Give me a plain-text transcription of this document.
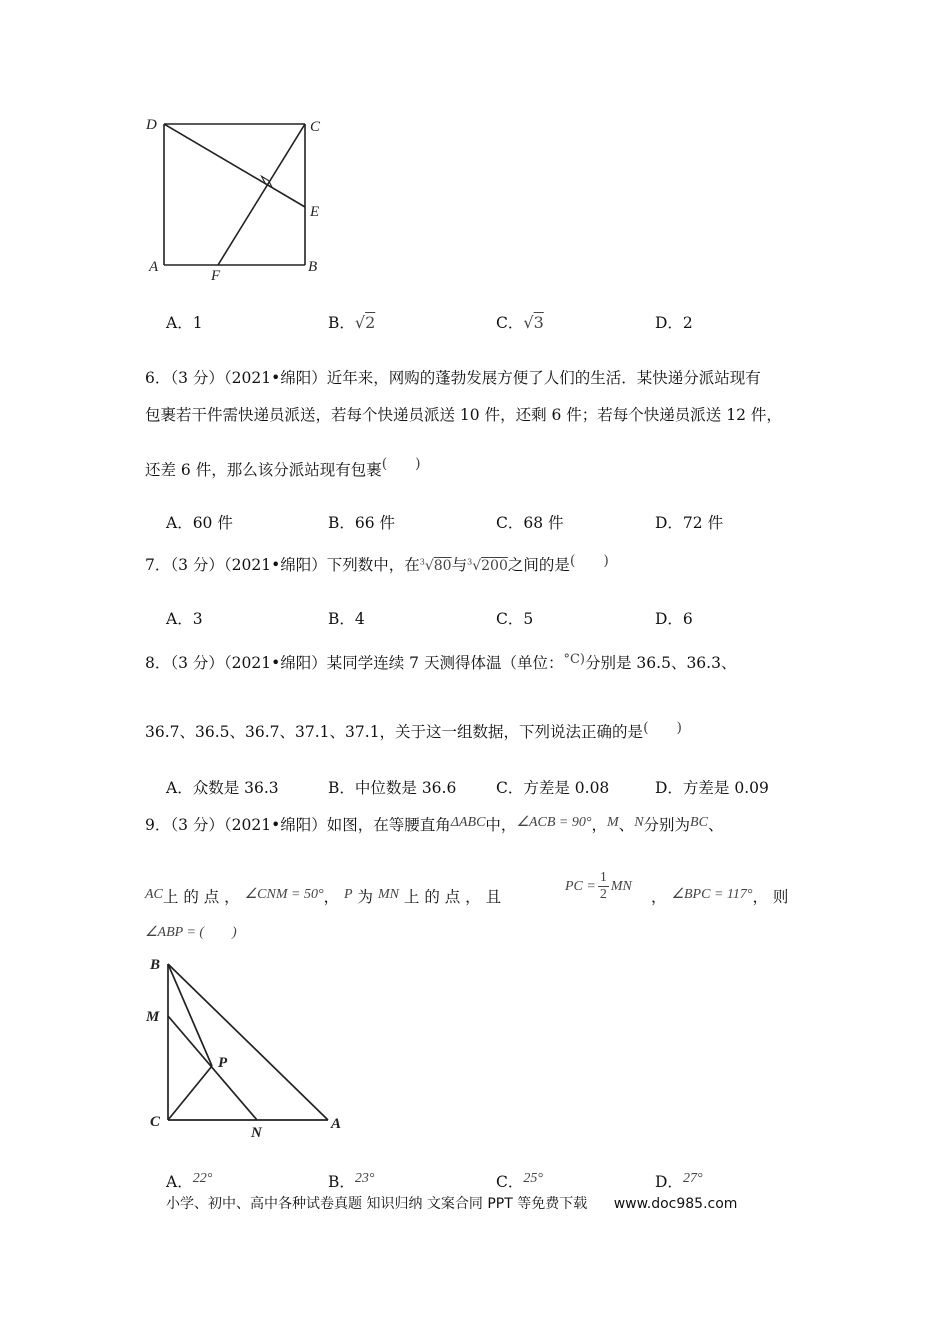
D	C
E
A
F
B
A．1	B．√2	C．√3	D．2
6．（3 分）（2021•绵阳）近年来，网购的蓬勃发展方便了人们的生活．某快递分派站现有
包裹若干件需快递员派送，若每个快递员派送 10 件，还剩 6 件；若每个快递员派送 12 件，
还差 6 件，那么该分派站现有包裹(　　)
A．60 件	B．66 件	C．68 件	D．72 件
7．（3 分）（2021•绵阳）下列数中，在$^3$√80与$^3$√200之间的是(　　)
A．3	B．4	C．5	D．6
8．（3 分）（2021•绵阳）某同学连续 7 天测得体温（单位：$^{^\circ C)}$分别是 36.5、36.3、
36.7、36.5、36.7、37.1、37.1，关于这一组数据，下列说法正确的是(　　)
A．众数是 36.3	B．中位数是 36.6	C．方差是 0.08	D．方差是 0.09
9．（3 分）（2021•绵阳）如图，在等腰直角ΔABC中，∠ACB = 90°，M、N分别为BC、
AC上 的 点 ， ∠CNM = 50°， P 为 MN 上 的 点 ， 且
PC = $\frac{1}{2}$ MN
， ∠BPC = 117°， 则
∠ABP = (　　)
B
M
P
C
N
A
A．22°	B．23°	C．25°	D．27°
小学、初中、高中各种试卷真题 知识归纳 文案合同 PPT 等免费下载 www.doc985.com
